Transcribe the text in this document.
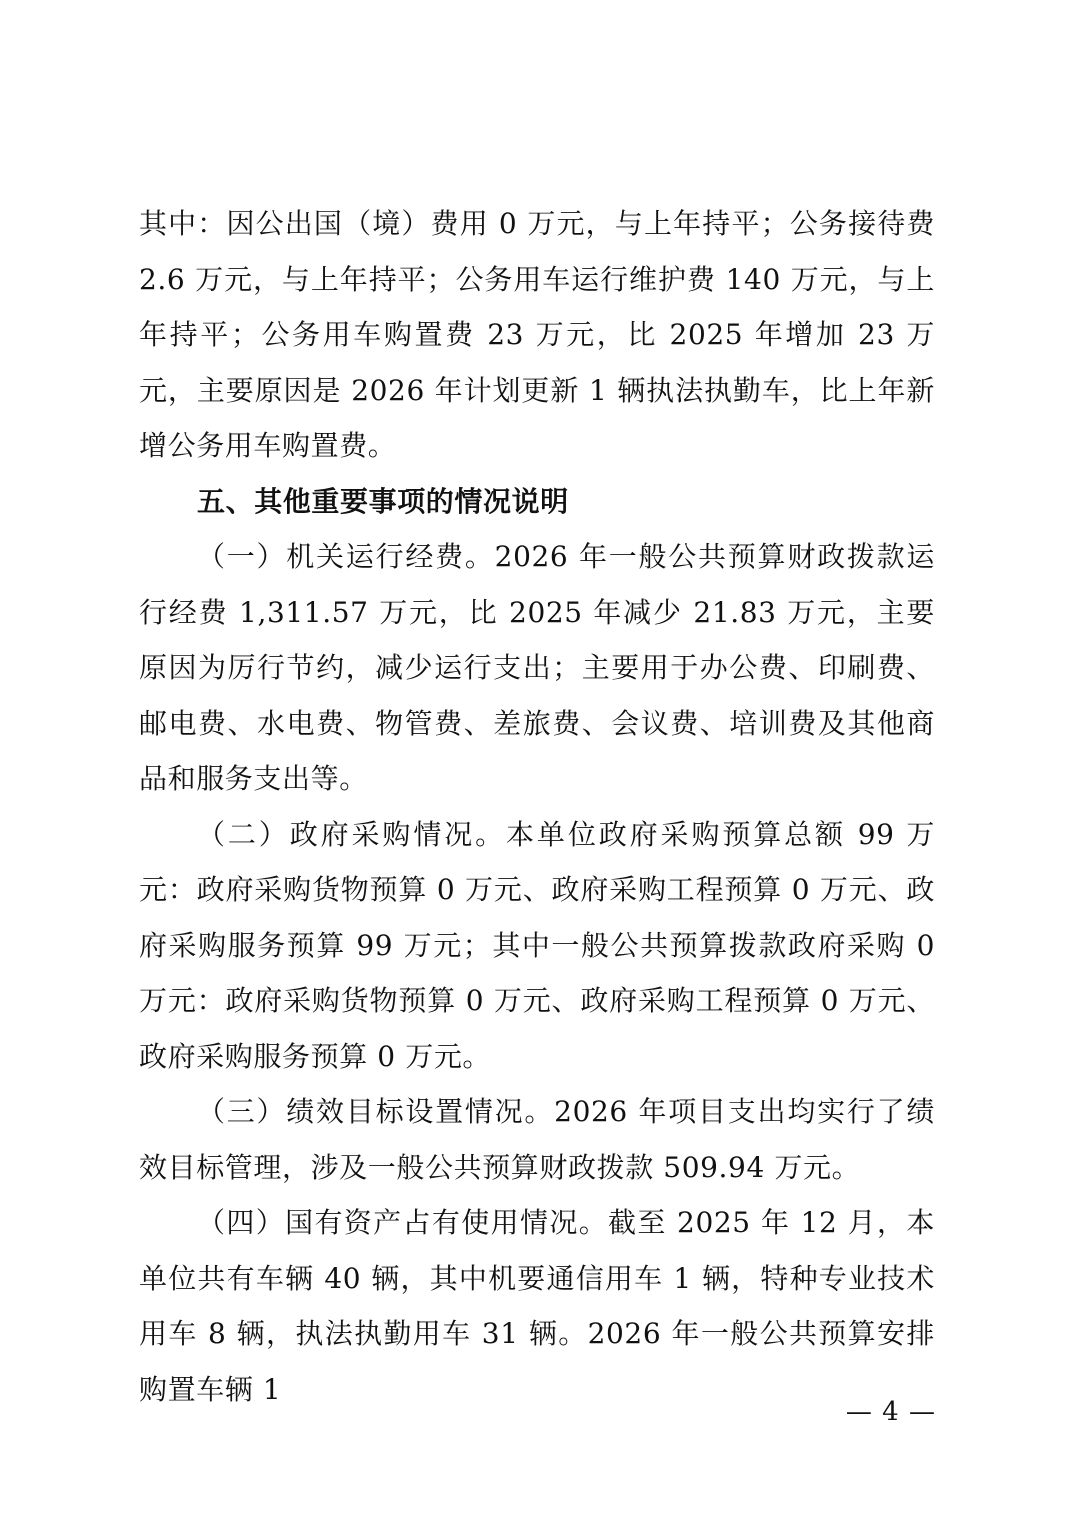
其中：因公出国（境）费用 0 万元，与上年持平；公务接待费 2.6 万元，与上年持平；公务用车运行维护费 140 万元，与上年持平；公务用车购置费 23 万元，比 2025 年增加 23 万元，主要原因是 2026 年计划更新 1 辆执法执勤车，比上年新增公务用车购置费。

五、其他重要事项的情况说明

（一）机关运行经费。2026 年一般公共预算财政拨款运行经费 1,311.57 万元，比 2025 年减少 21.83 万元，主要原因为厉行节约，减少运行支出；主要用于办公费、印刷费、邮电费、水电费、物管费、差旅费、会议费、培训费及其他商品和服务支出等。

（二）政府采购情况。本单位政府采购预算总额 99 万元：政府采购货物预算 0 万元、政府采购工程预算 0 万元、政府采购服务预算 99 万元；其中一般公共预算拨款政府采购 0 万元：政府采购货物预算 0 万元、政府采购工程预算 0 万元、政府采购服务预算 0 万元。

（三）绩效目标设置情况。2026 年项目支出均实行了绩效目标管理，涉及一般公共预算财政拨款 509.94 万元。

（四）国有资产占有使用情况。截至 2025 年 12 月，本单位共有车辆 40 辆，其中机要通信用车 1 辆，特种专业技术用车 8 辆，执法执勤用车 31 辆。2026 年一般公共预算安排购置车辆 1

— 4 —
